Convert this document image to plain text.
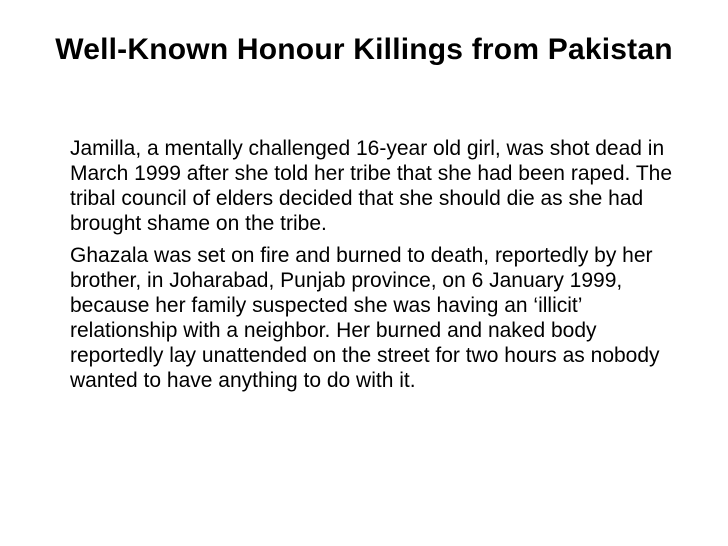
Well-Known Honour Killings from Pakistan

Jamilla, a mentally challenged 16-year old girl, was shot dead in March 1999 after she told her tribe that she had been raped. The tribal council of elders decided that she should die as she had brought shame on the tribe.

Ghazala was set on fire and burned to death, reportedly by her brother, in Joharabad, Punjab province, on 6 January 1999, because her family suspected she was having an ‘illicit’ relationship with a neighbor. Her burned and naked body reportedly lay unattended on the street for two hours as nobody wanted to have anything to do with it.
